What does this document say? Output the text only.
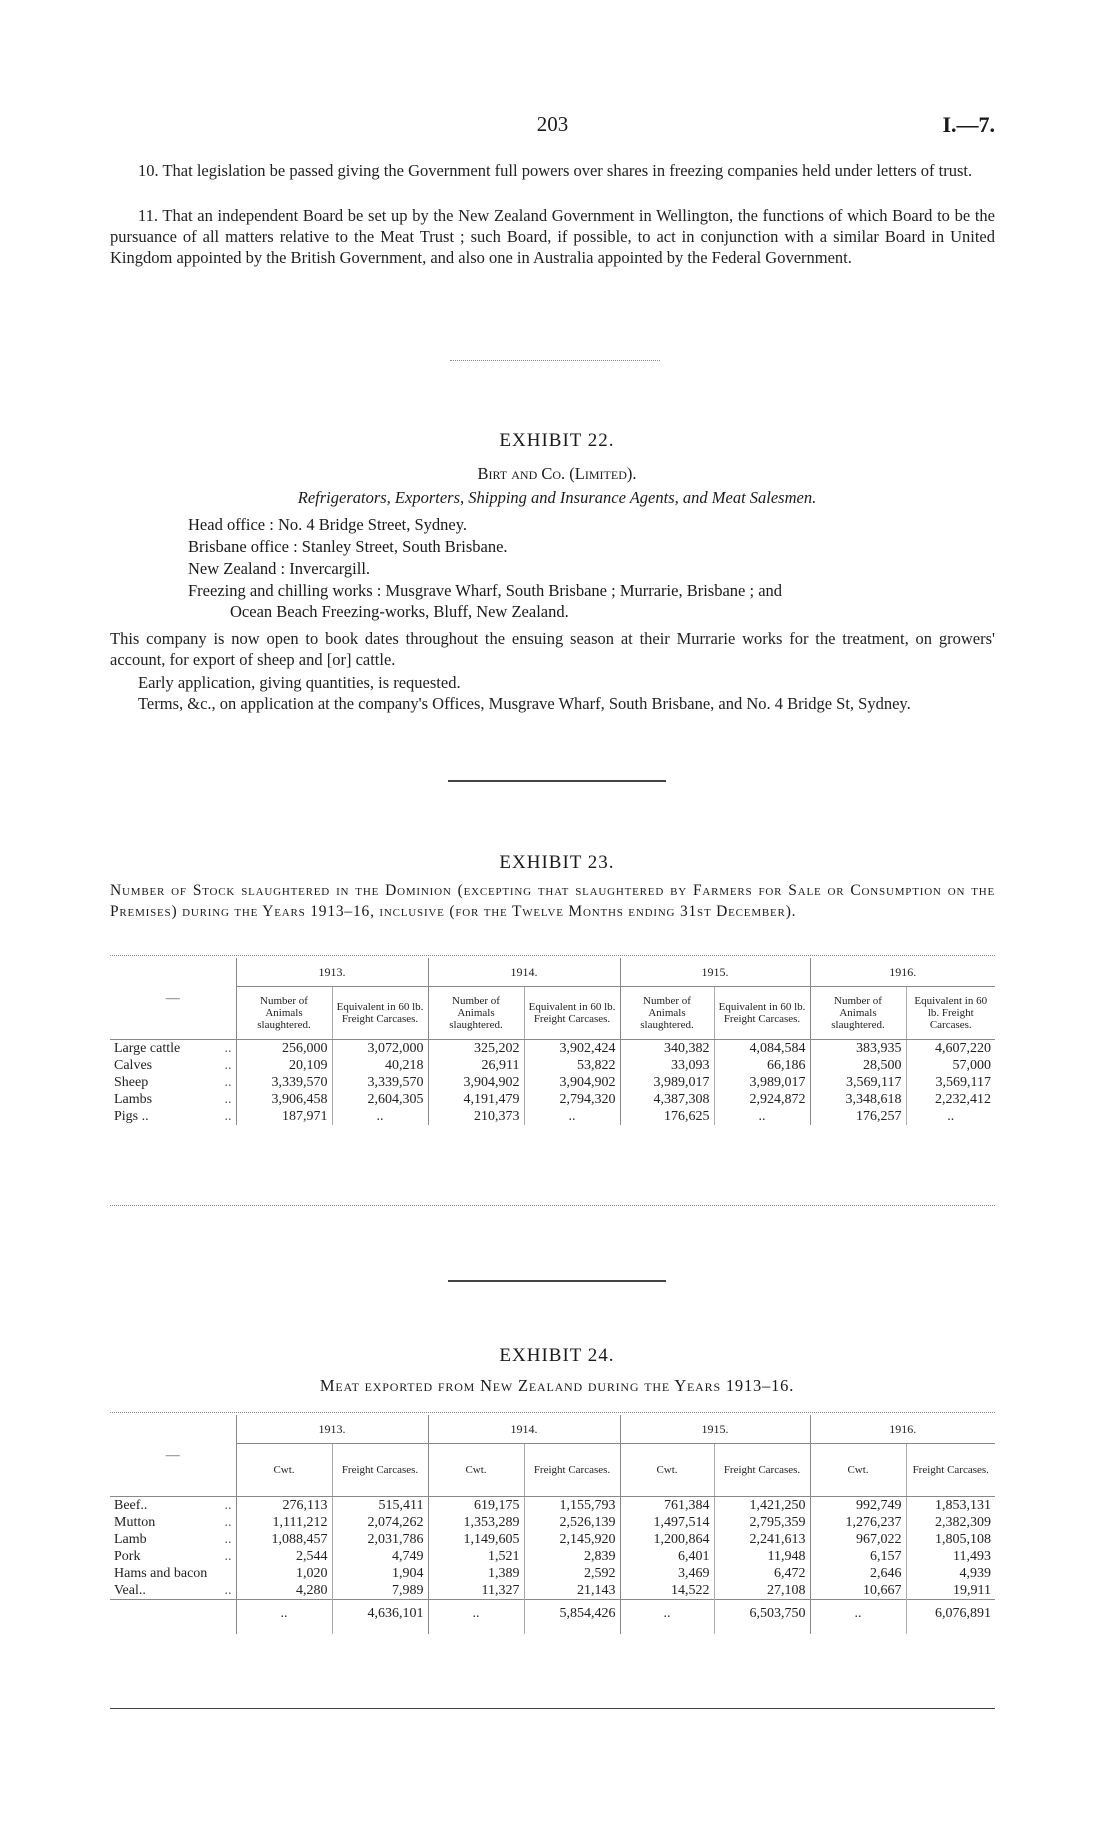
203	I.—7.

10. That legislation be passed giving the Government full powers over shares in freezing companies held under letters of trust.

11. That an independent Board be set up by the New Zealand Government in Wellington, the functions of which Board to be the pursuance of all matters relative to the Meat Trust ; such Board, if possible, to act in conjunction with a similar Board in United Kingdom appointed by the British Government, and also one in Australia appointed by the Federal Government.

EXHIBIT 22.
Birt and Co. (Limited).
Refrigerators, Exporters, Shipping and Insurance Agents, and Meat Salesmen.
Head office : No. 4 Bridge Street, Sydney.
Brisbane office : Stanley Street, South Brisbane.
New Zealand : Invercargill.
Freezing and chilling works : Musgrave Wharf, South Brisbane ; Murrarie, Brisbane ; and
Ocean Beach Freezing-works, Bluff, New Zealand.

This company is now open to book dates throughout the ensuing season at their Murrarie works for the treatment, on growers' account, for export of sheep and [or] cattle.

Early application, giving quantities, is requested.

Terms, &c., on application at the company's Offices, Musgrave Wharf, South Brisbane, and No. 4 Bridge St, Sydney.

EXHIBIT 23.
Number of Stock slaughtered in the Dominion (excepting that slaughtered by Farmers for Sale or Consumption on the Premises) during the Years 1913–16, inclusive (for the Twelve Months ending 31st December).
—	1913.		1914.		1915.		1916.	
	Number of Animals slaughtered.	Equivalent in 60 lb. Freight Carcases.	Number of Animals slaughtered.	Equivalent in 60 lb. Freight Carcases.	Number of Animals slaughtered.	Equivalent in 60 lb. Freight Carcases.	Number of Animals slaughtered.	Equivalent in 60 lb. Freight Carcases.
Large cattle ..	256,000	3,072,000	325,202	3,902,424	340,382	4,084,584	383,935	4,607,220
Calves ..	20,109	40,218	26,911	53,822	33,093	66,186	28,500	57,000
Sheep ..	3,339,570	3,339,570	3,904,902	3,904,902	3,989,017	3,989,017	3,569,117	3,569,117
Lambs ..	3,906,458	2,604,305	4,191,479	2,794,320	4,387,308	2,924,872	3,348,618	2,232,412
Pigs .. ..	187,971	..	210,373	..	176,625	..	176,257	..
EXHIBIT 24.
Meat exported from New Zealand during the Years 1913–16.
—	1913.		1914.		1915.		1916.	
	Cwt.	Freight Carcases.	Cwt.	Freight Carcases.	Cwt.	Freight Carcases.	Cwt.	Freight Carcases.
Beef.. ..	276,113	515,411	619,175	1,155,793	761,384	1,421,250	992,749	1,853,131
Mutton ..	1,111,212	2,074,262	1,353,289	2,526,139	1,497,514	2,795,359	1,276,237	2,382,309
Lamb ..	1,088,457	2,031,786	1,149,605	2,145,920	1,200,864	2,241,613	967,022	1,805,108
Pork ..	2,544	4,749	1,521	2,839	6,401	11,948	6,157	11,493
Hams and bacon	1,020	1,904	1,389	2,592	3,469	6,472	2,646	4,939
Veal.. ..	4,280	7,989	11,327	21,143	14,522	27,108	10,667	19,911
	..	4,636,101	..	5,854,426	..	6,503,750	..	6,076,891
